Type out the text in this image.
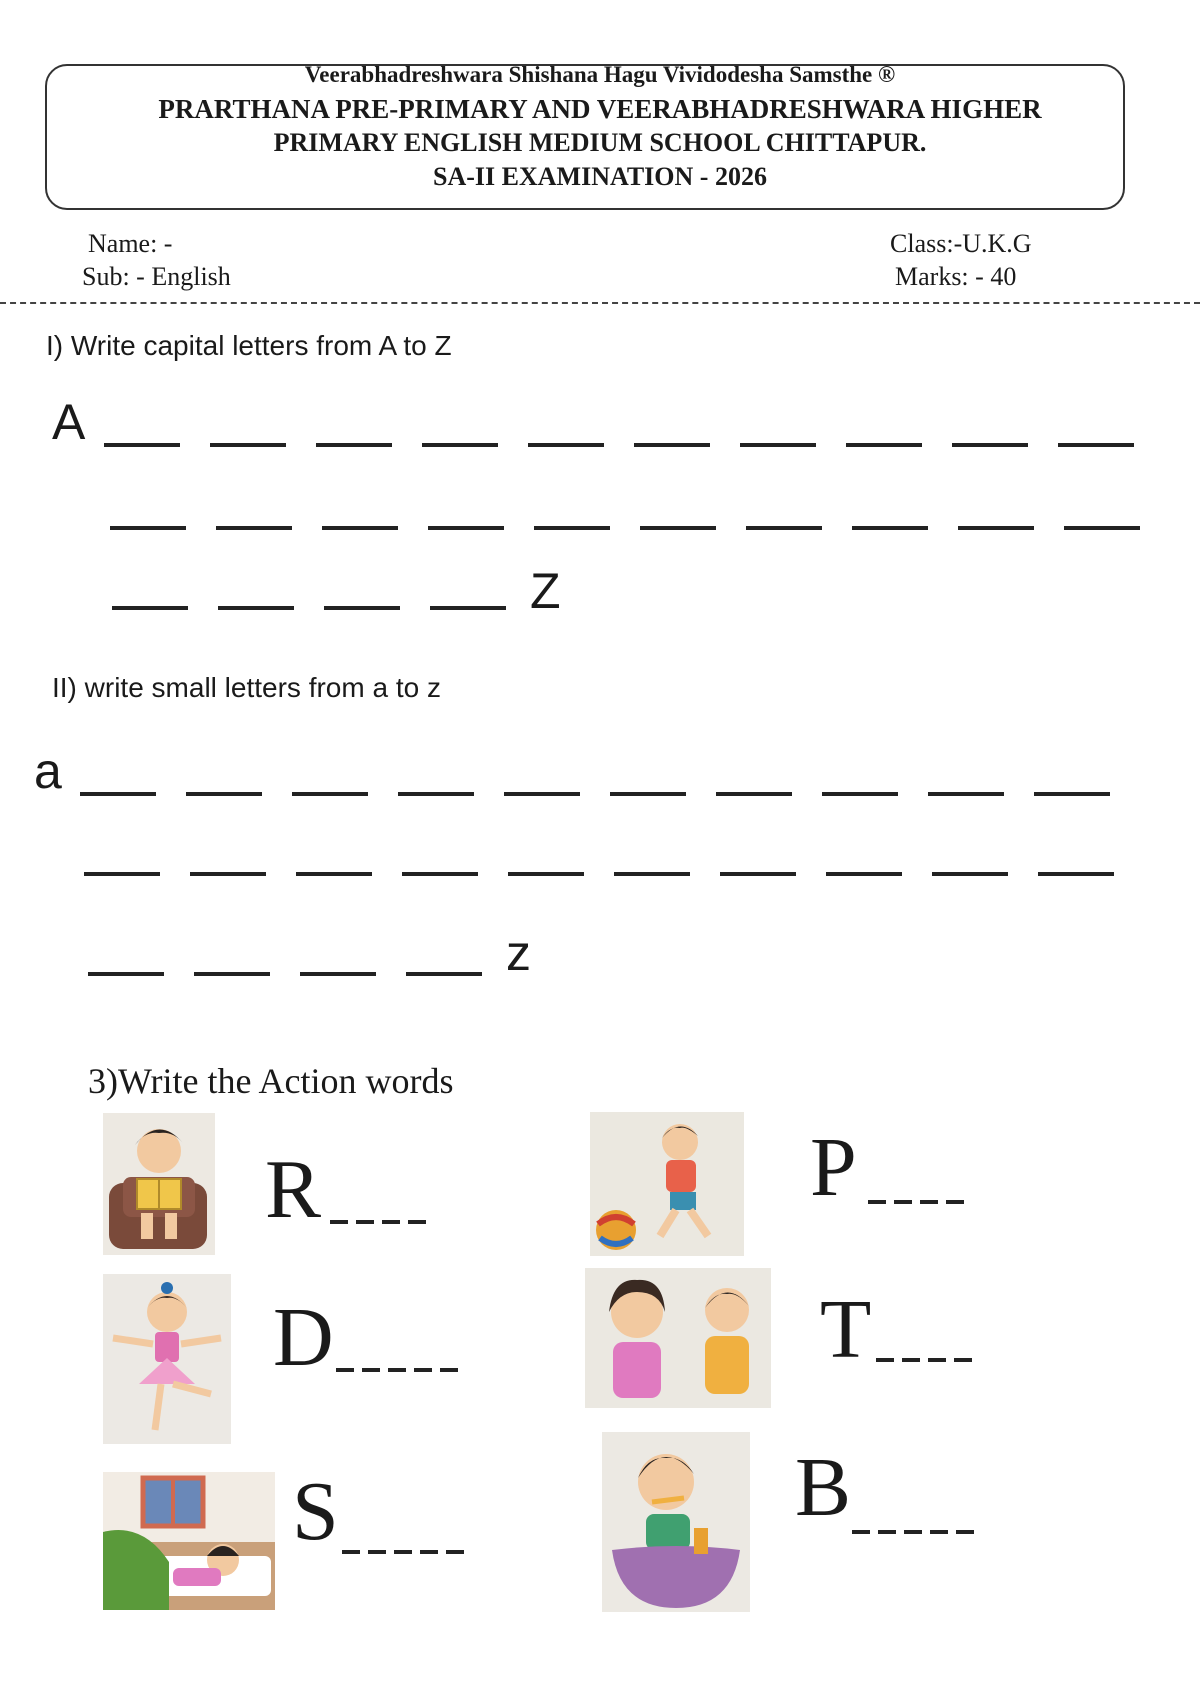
Veerabhadreshwara Shishana Hagu Vividodesha Samsthe ®
PRARTHANA PRE-PRIMARY AND VEERABHADRESHWARA HIGHER
PRIMARY ENGLISH MEDIUM SCHOOL CHITTAPUR.
SA-II EXAMINATION - 2026
Name: -
Sub: - English
Class:-U.K.G
Marks: - 40
I) Write capital letters from A to Z
A
Z
II) write small letters from a to z
a
z
3)Write the Action words
R	P
D	T
S	B
